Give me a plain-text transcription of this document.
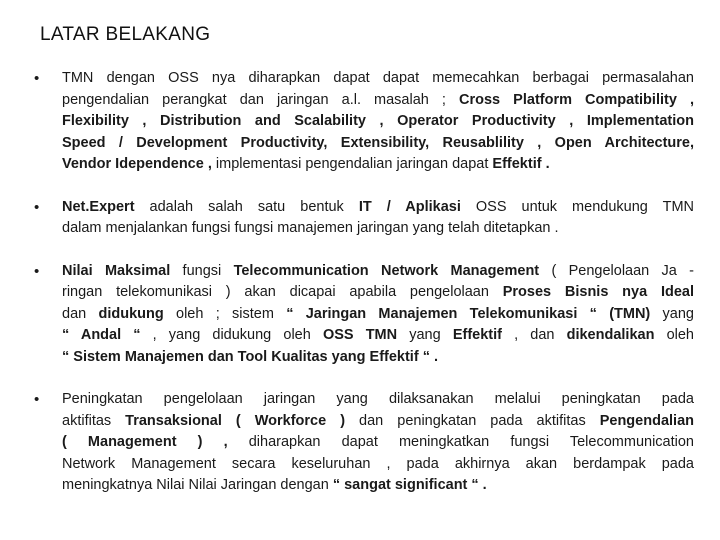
LATAR BELAKANG
• TMN dengan OSS nya diharapkan dapat dapat memecahkan berbagai permasalahan
pengendalian perangkat dan jaringan a.l. masalah ; Cross Platform Compatibility ,
Flexibility , Distribution and Scalability , Operator Productivity , Implementation
Speed / Development Productivity, Extensibility, Reusablility , Open Architecture,
Vendor Idependence , implementasi pengendalian jaringan dapat Effektif .
• Net.Expert adalah salah satu bentuk IT / Aplikasi OSS untuk mendukung TMN
dalam menjalankan fungsi fungsi manajemen jaringan yang telah ditetapkan .
• Nilai Maksimal fungsi Telecommunication Network Management ( Pengelolaan Ja -
ringan telekomunikasi ) akan dicapai apabila pengelolaan Proses Bisnis nya Ideal
dan didukung oleh ; sistem “ Jaringan Manajemen Telekomunikasi “ (TMN) yang
“ Andal “ , yang didukung oleh OSS TMN yang Effektif , dan dikendalikan oleh
“ Sistem Manajemen dan Tool Kualitas yang Effektif “ .
• Peningkatan pengelolaan jaringan yang dilaksanakan melalui peningkatan pada
aktifitas Transaksional ( Workforce ) dan peningkatan pada aktifitas Pengendalian
( Management ) , diharapkan dapat meningkatkan fungsi Telecommunication
Network Management secara keseluruhan , pada akhirnya akan berdampak pada
meningkatnya Nilai Nilai Jaringan dengan “ sangat significant “ .
